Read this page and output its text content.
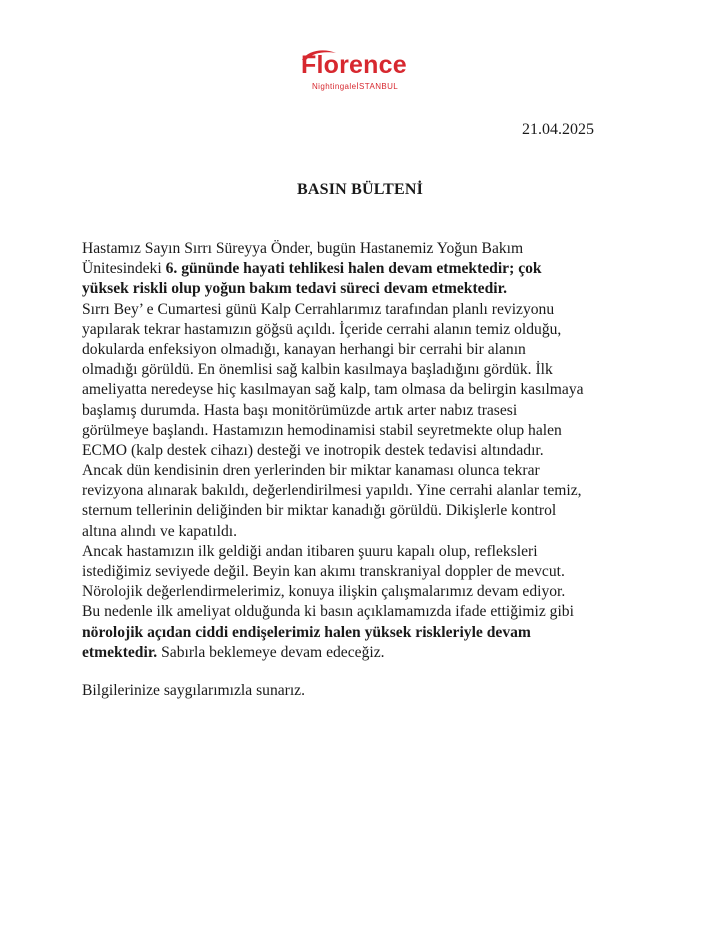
Florence
NightingaleİSTANBUL
21.04.2025
BASIN BÜLTENİ
Hastamız Sayın Sırrı Süreyya Önder, bugün Hastanemiz Yoğun Bakım
Ünitesindeki 6. gününde hayati tehlikesi halen devam etmektedir; çok
yüksek riskli olup yoğun bakım tedavi süreci devam etmektedir.
Sırrı Bey’ e Cumartesi günü Kalp Cerrahlarımız tarafından planlı revizyonu
yapılarak tekrar hastamızın göğsü açıldı. İçeride cerrahi alanın temiz olduğu,
dokularda enfeksiyon olmadığı, kanayan herhangi bir cerrahi bir alanın
olmadığı görüldü. En önemlisi sağ kalbin kasılmaya başladığını gördük. İlk
ameliyatta neredeyse hiç kasılmayan sağ kalp, tam olmasa da belirgin kasılmaya
başlamış durumda. Hasta başı monitörümüzde artık arter nabız trasesi
görülmeye başlandı. Hastamızın hemodinamisi stabil seyretmekte olup halen
ECMO (kalp destek cihazı) desteği ve inotropik destek tedavisi altındadır.
Ancak dün kendisinin dren yerlerinden bir miktar kanaması olunca tekrar
revizyona alınarak bakıldı, değerlendirilmesi yapıldı. Yine cerrahi alanlar temiz,
sternum tellerinin deliğinden bir miktar kanadığı görüldü. Dikişlerle kontrol
altına alındı ve kapatıldı.
Ancak hastamızın ilk geldiği andan itibaren şuuru kapalı olup, refleksleri
istediğimiz seviyede değil. Beyin kan akımı transkraniyal doppler de mevcut.
Nörolojik değerlendirmelerimiz, konuya ilişkin çalışmalarımız devam ediyor.
Bu nedenle ilk ameliyat olduğunda ki basın açıklamamızda ifade ettiğimiz gibi
nörolojik açıdan ciddi endişelerimiz halen yüksek riskleriyle devam
etmektedir. Sabırla beklemeye devam edeceğiz.
Bilgilerinize saygılarımızla sunarız.
